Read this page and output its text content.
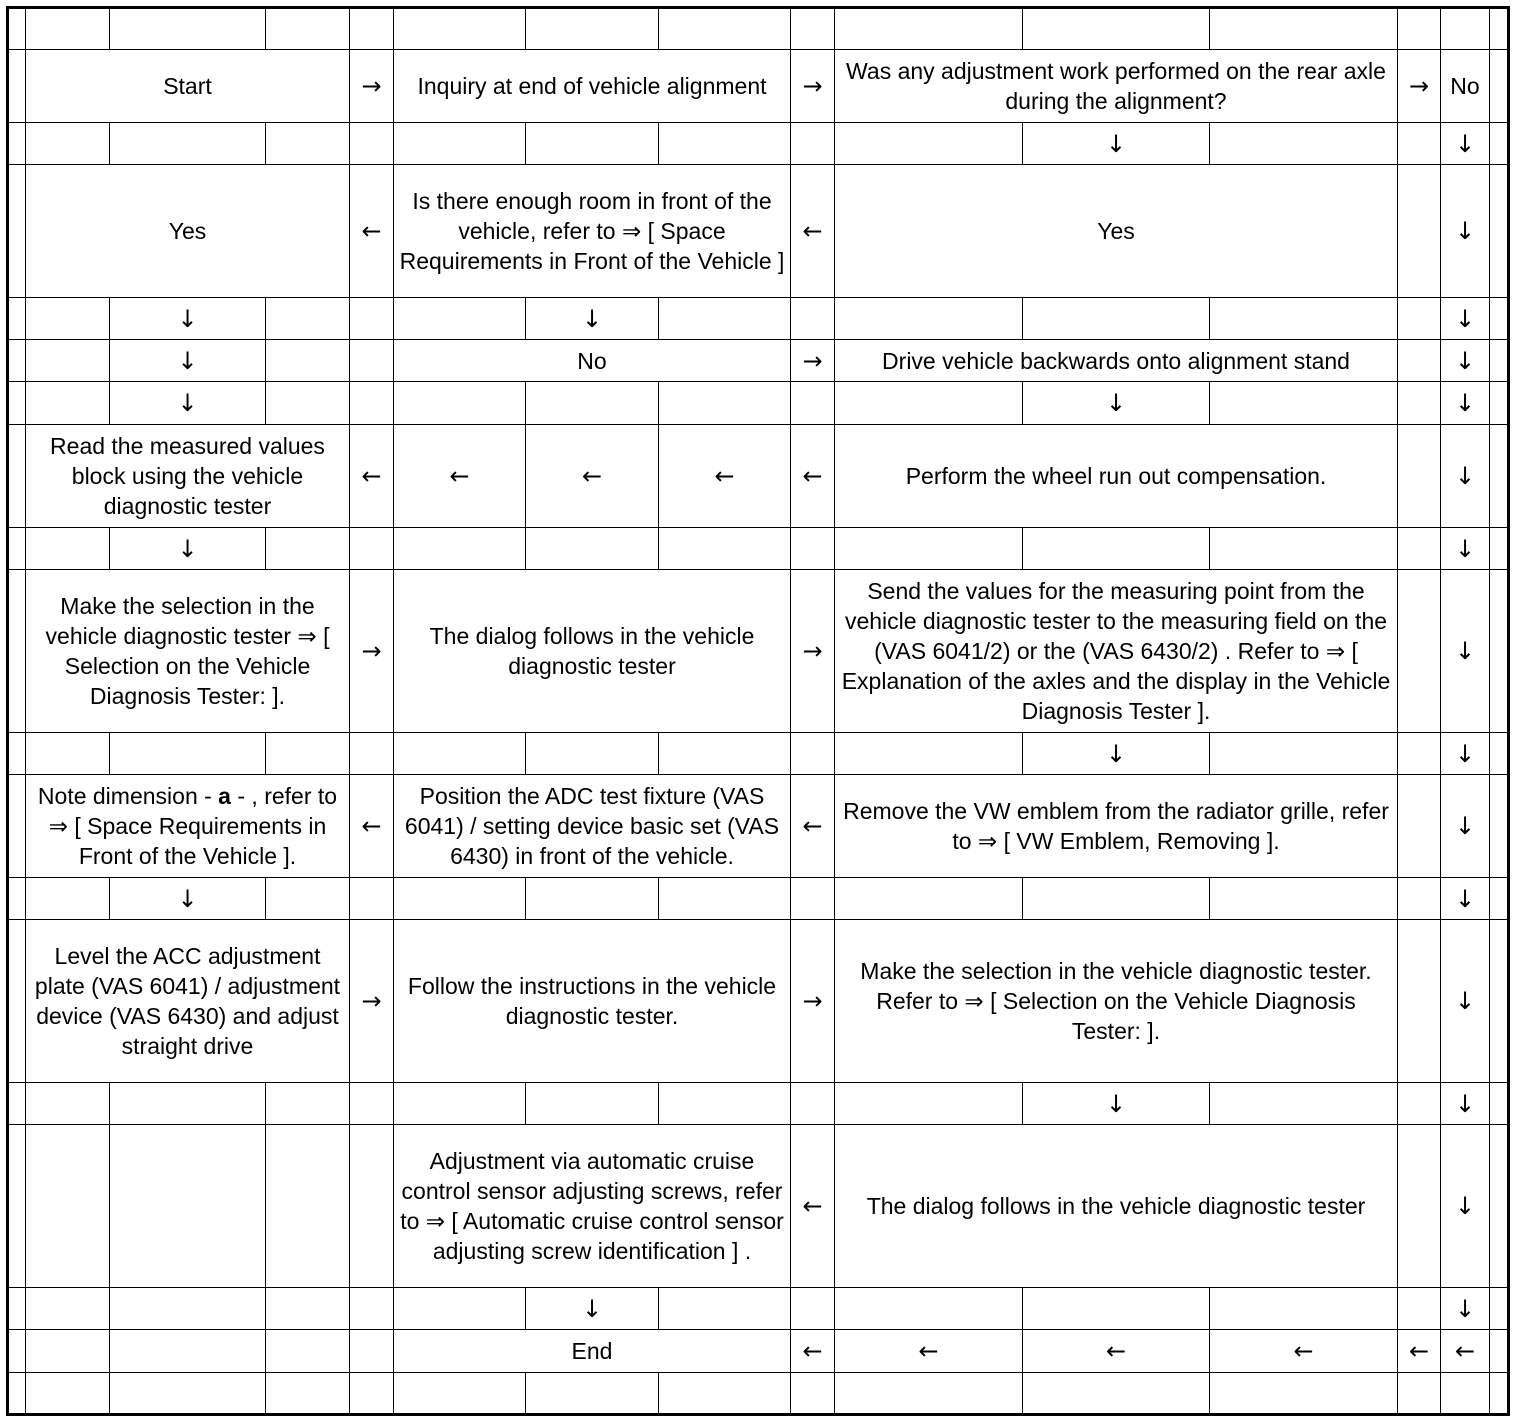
	Start			→	Inquiry at end of vehicle alignment			→	Was any adjustment work performed on the rear axle during the alignment?			→	No	
										↓			↓	
	Yes			←	Is there enough room in front of the vehicle, refer to ⇒ [ Space Requirements in Front of the Vehicle ]			←	Yes				↓	
		↓				↓							↓	
		↓			No			→	Drive vehicle backwards onto alignment stand				↓	
		↓								↓			↓	
	Read the measured values block using the vehicle diagnostic tester			←	←	←	←	←	Perform the wheel run out compensation.				↓	
		↓											↓	
	Make the selection in the vehicle diagnostic tester ⇒ [ Selection on the Vehicle Diagnosis Tester: ].			→	The dialog follows in the vehicle diagnostic tester			→	Send the values for the measuring point from the vehicle diagnostic tester to the measuring field on the (VAS 6041/2) or the (VAS 6430/2) . Refer to ⇒ [ Explanation of the axles and the display in the Vehicle Diagnosis Tester ].				↓	
										↓			↓	
	Note dimension - a - , refer to ⇒ [ Space Requirements in Front of the Vehicle ].			←	Position the ADC test fixture (VAS 6041) / setting device basic set (VAS 6430) in front of the vehicle.			←	Remove the VW emblem from the radiator grille, refer to ⇒ [ VW Emblem, Removing ].				↓	
		↓											↓	
	Level the ACC adjustment plate (VAS 6041) / adjustment device (VAS 6430) and adjust straight drive			→	Follow the instructions in the vehicle diagnostic tester.			→	Make the selection in the vehicle diagnostic tester. Refer to ⇒ [ Selection on the Vehicle Diagnosis Tester: ].				↓	
										↓			↓	
					Adjustment via automatic cruise control sensor adjusting screws, refer to ⇒ [ Automatic cruise control sensor adjusting screw identification ] .			←	The dialog follows in the vehicle diagnostic tester				↓	
						↓							↓	
					End			←	←	←	←	←	←	
